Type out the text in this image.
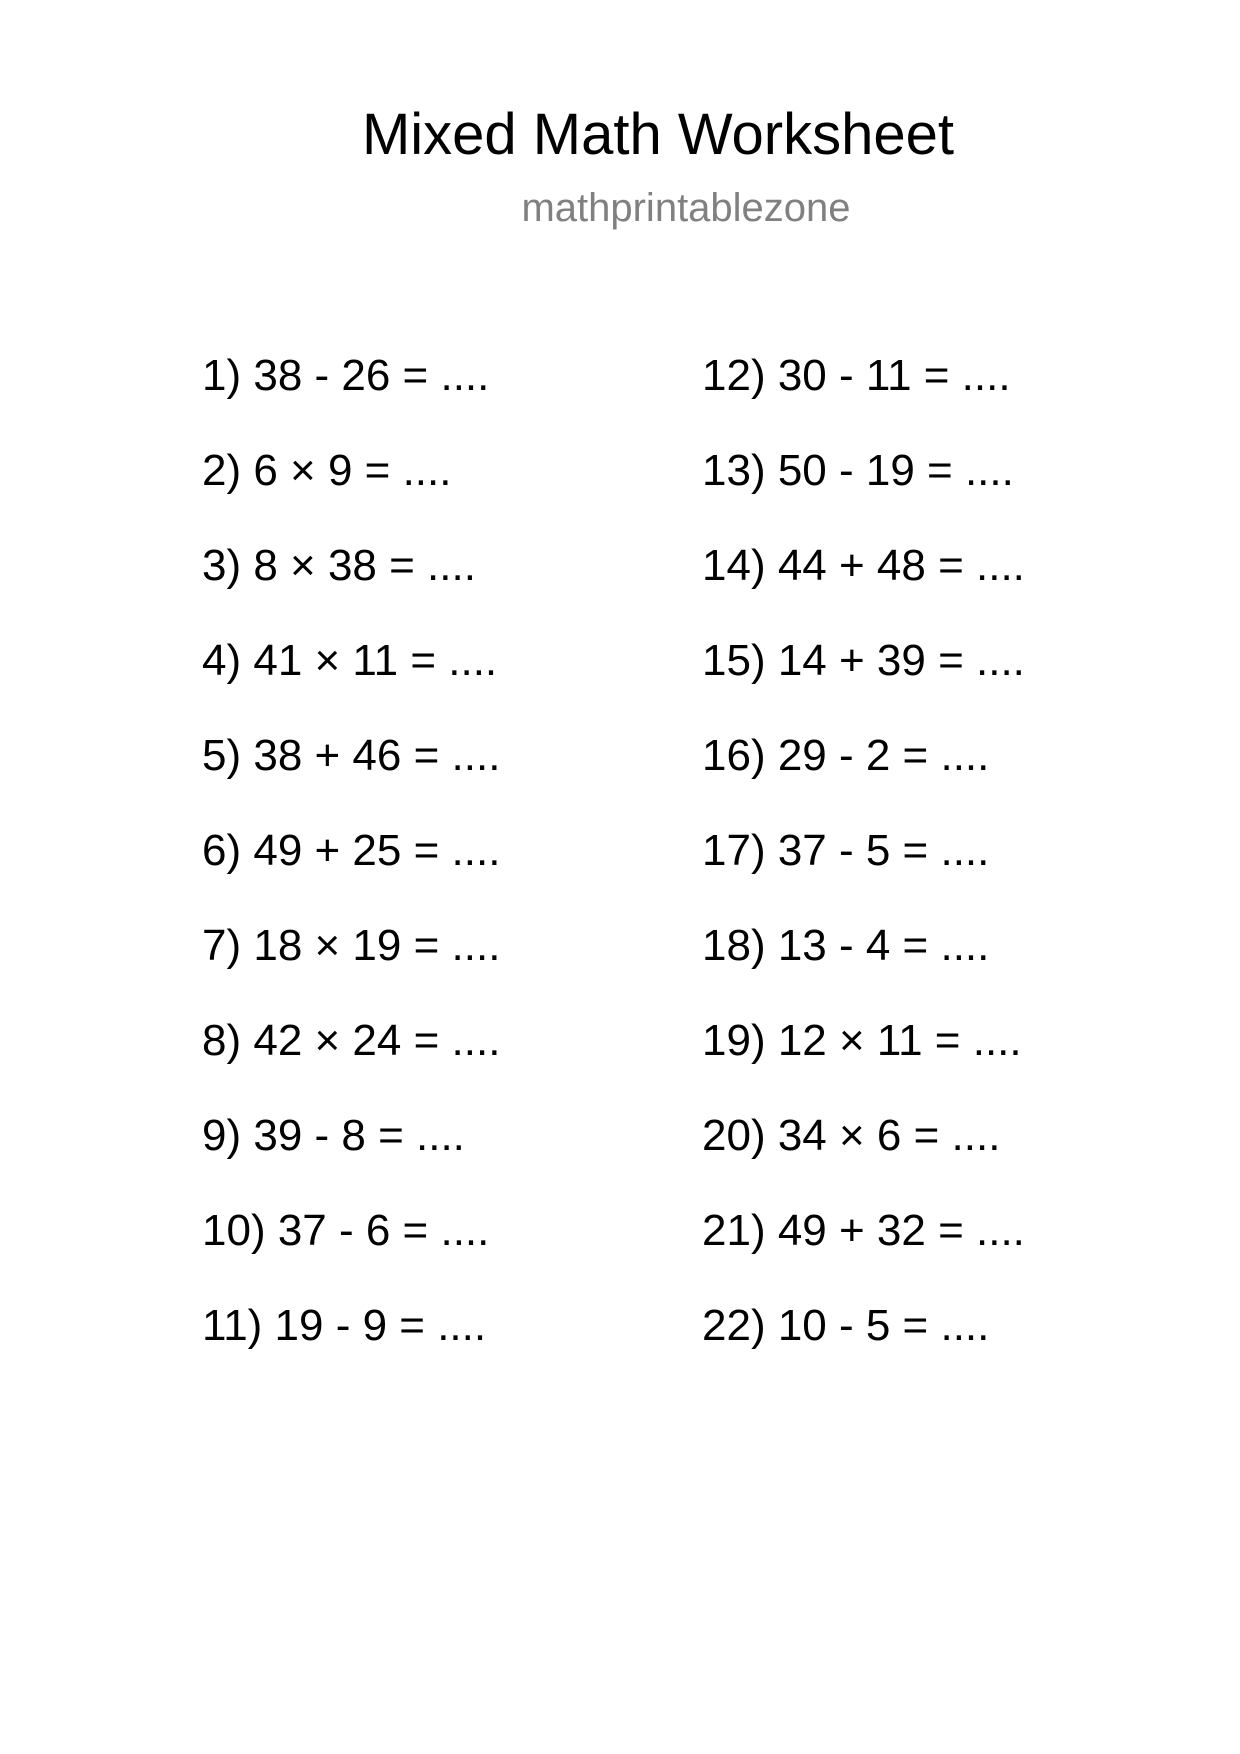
Mixed Math Worksheet
mathprintablezone
1) 38 - 26 = ....
2) 6 × 9 = ....
3) 8 × 38 = ....
4) 41 × 11 = ....
5) 38 + 46 = ....
6) 49 + 25 = ....
7) 18 × 19 = ....
8) 42 × 24 = ....
9) 39 - 8 = ....
10) 37 - 6 = ....
11) 19 - 9 = ....
12) 30 - 11 = ....
13) 50 - 19 = ....
14) 44 + 48 = ....
15) 14 + 39 = ....
16) 29 - 2 = ....
17) 37 - 5 = ....
18) 13 - 4 = ....
19) 12 × 11 = ....
20) 34 × 6 = ....
21) 49 + 32 = ....
22) 10 - 5 = ....
